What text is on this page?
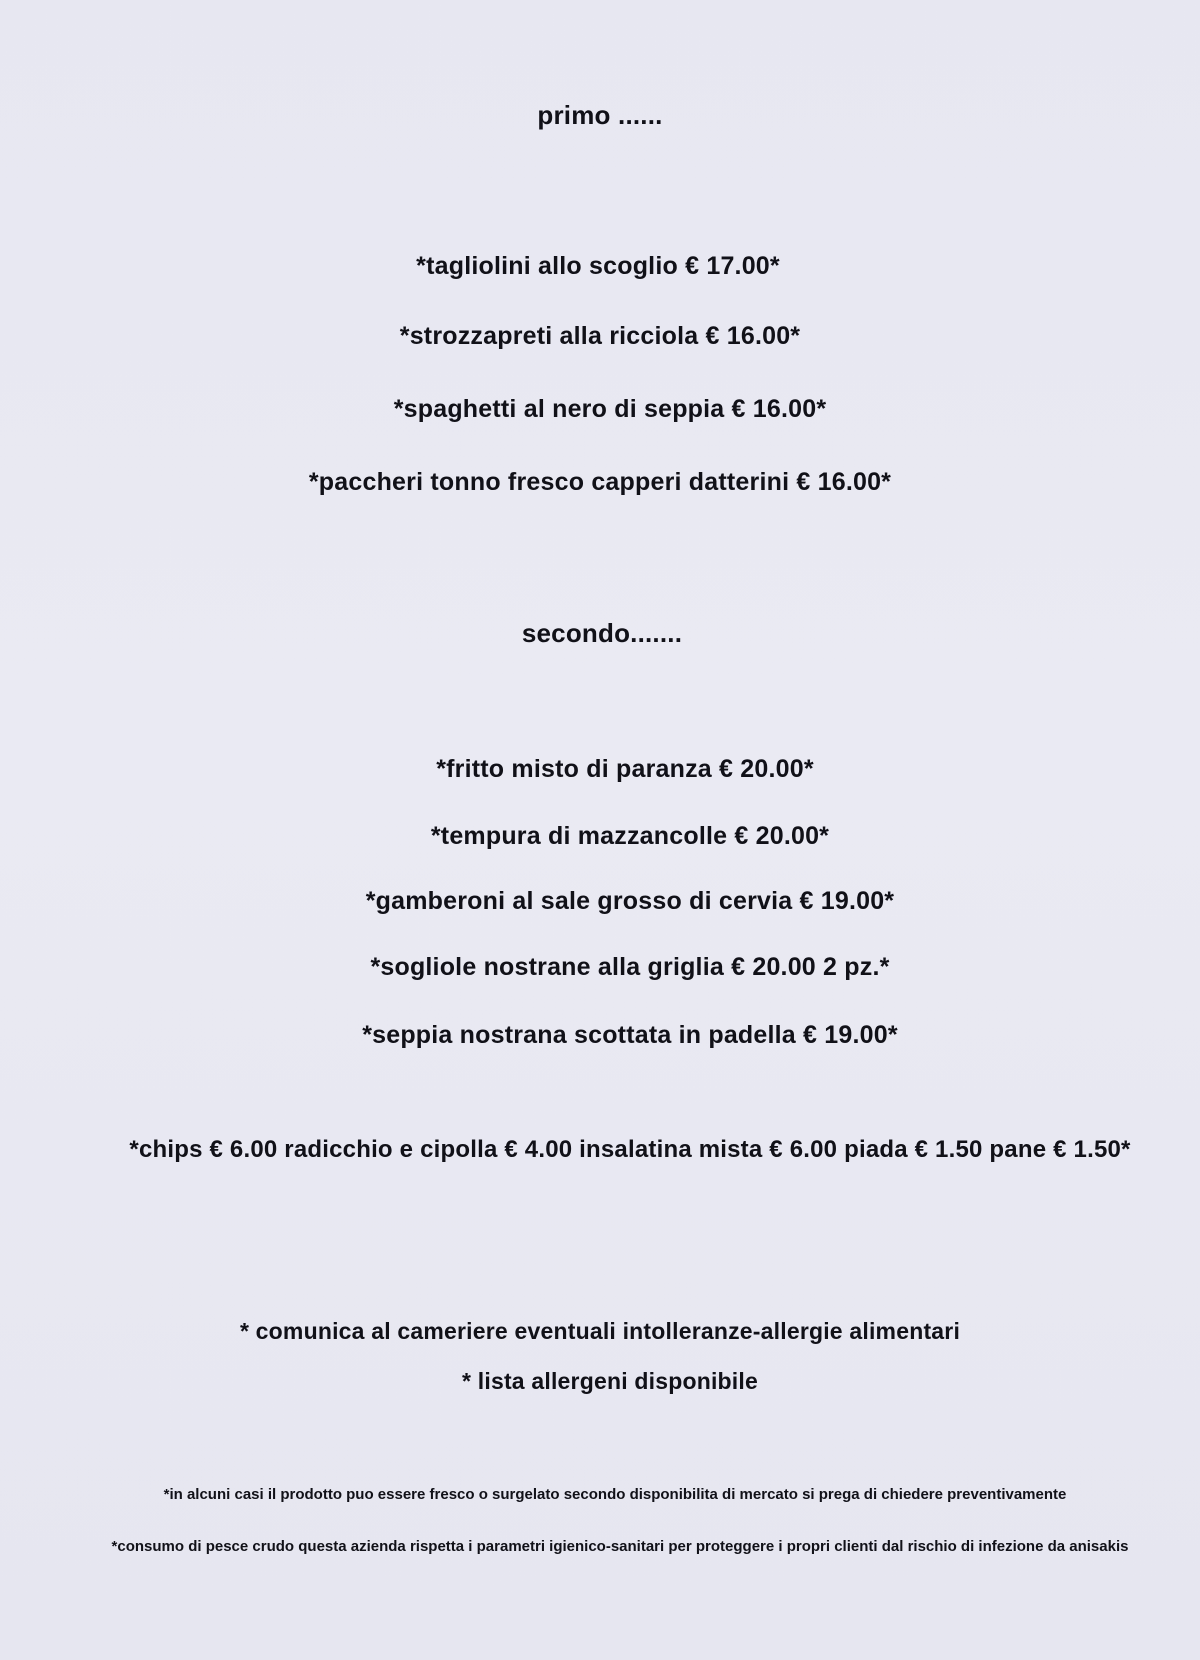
primo ......
*tagliolini allo scoglio € 17.00*
*strozzapreti alla ricciola € 16.00*
*spaghetti al nero di seppia € 16.00*
*paccheri tonno fresco capperi datterini € 16.00*
secondo.......
*fritto misto di paranza € 20.00*
*tempura di mazzancolle € 20.00*
*gamberoni al sale grosso di cervia € 19.00*
*sogliole nostrane alla griglia € 20.00 2 pz.*
*seppia nostrana scottata in padella € 19.00*
*chips € 6.00 radicchio e cipolla € 4.00 insalatina mista € 6.00 piada € 1.50 pane € 1.50*
* comunica al cameriere eventuali intolleranze-allergie alimentari
* lista allergeni disponibile
*in alcuni casi il prodotto puo essere fresco o surgelato secondo disponibilita di mercato si prega di chiedere preventivamente
*consumo di pesce crudo questa azienda rispetta i parametri igienico-sanitari per proteggere i propri clienti dal rischio di infezione da anisakis
